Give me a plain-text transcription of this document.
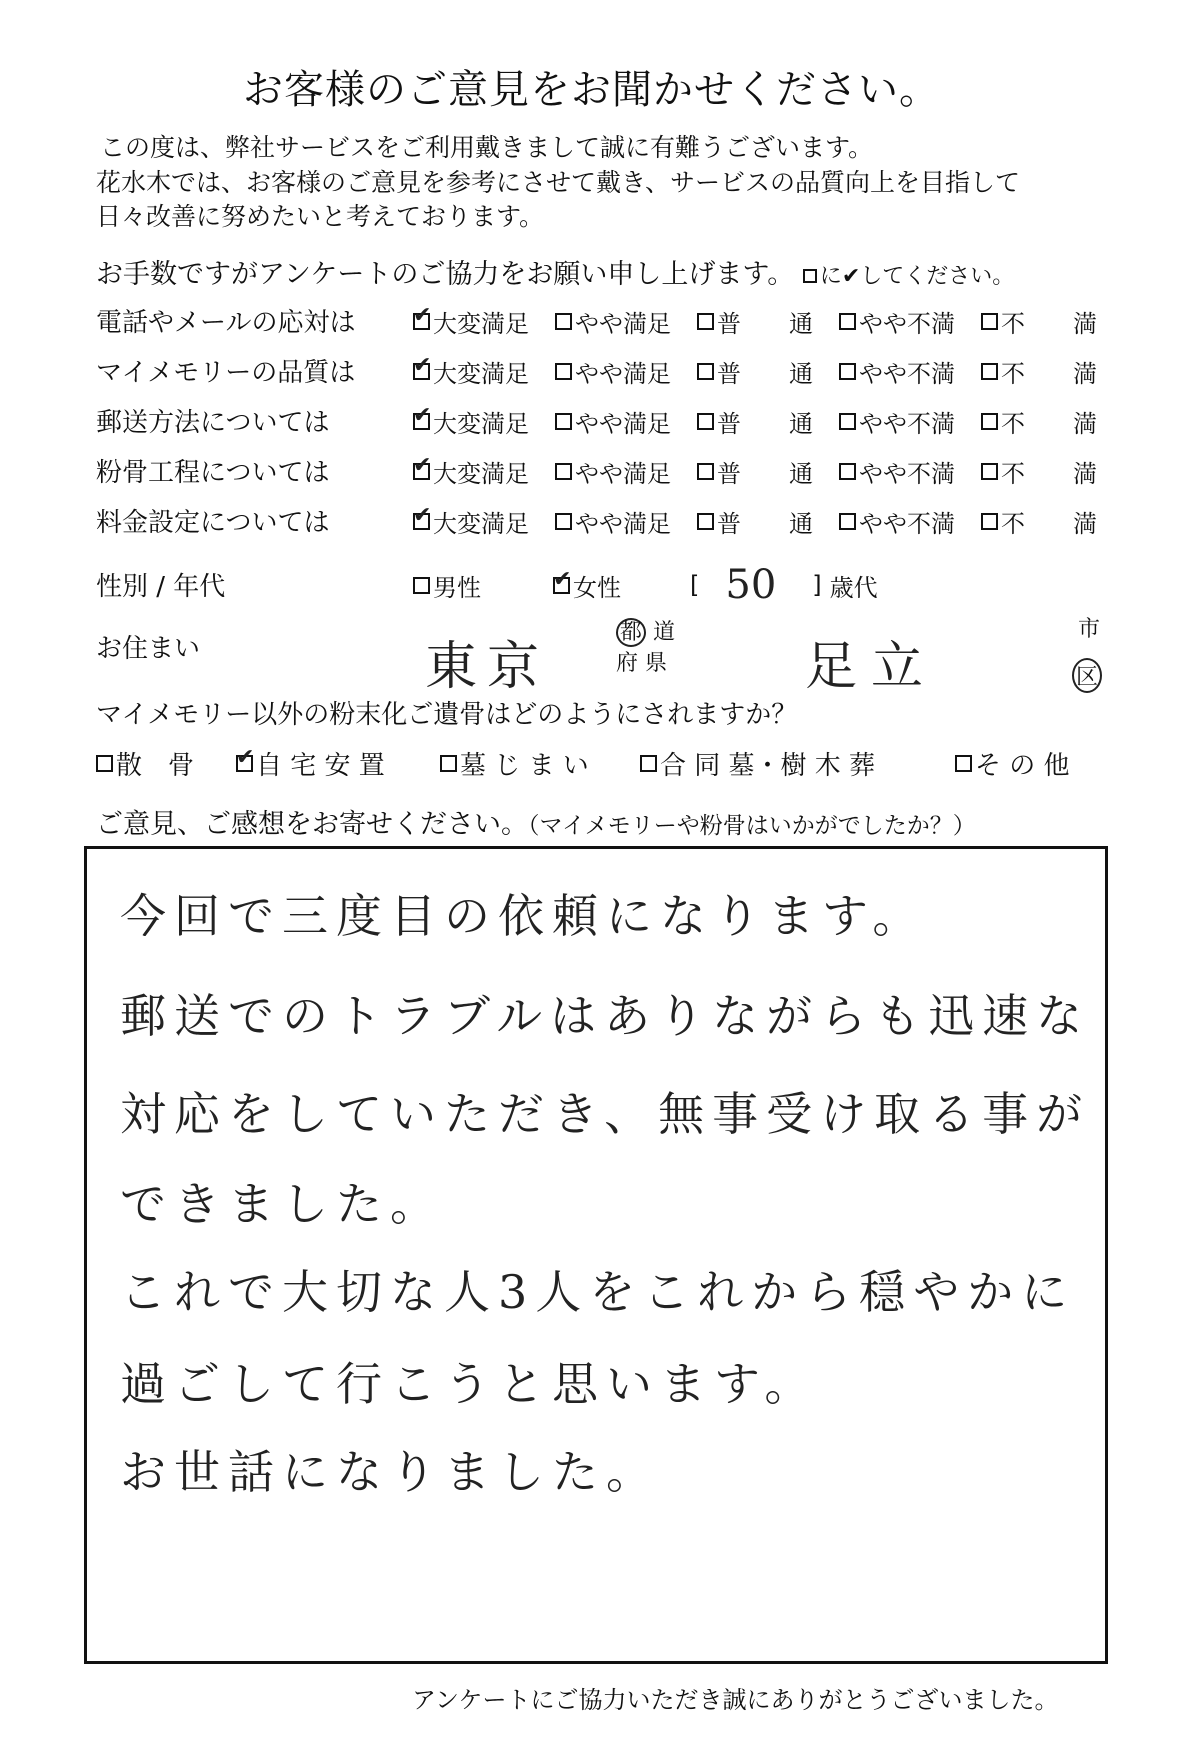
お客様のご意見をお聞かせください。
この度は、弊社サービスをご利用戴きまして誠に有難うございます。
花水木では、お客様のご意見を参考にさせて戴き、サービスの品質向上を目指して
日々改善に努めたいと考えております。
お手数ですがアンケートのご協力をお願い申し上げます。 に✔してください。
電話やメールの応対は ✔	大変満足 やや満足 普　　通 やや不満 不　　満
マイメモリーの品質は ✔	大変満足 やや満足 普　　通 やや不満 不　　満
郵送方法については ✔	大変満足 やや満足 普　　通 やや不満 不　　満
粉骨工程については ✔	大変満足 やや満足 普　　通 やや不満 不　　満
料金設定については ✔	大変満足 やや満足 普　　通 やや不満 不　　満
性別 / 年代	男性 ✔	女性	[ 50 ] 歳代
お住まい	東京
都 道
府 県	足立
市
区
マイメモリー以外の粉末化ご遺骨はどのようにされますか？
散　骨 ✔ 自 宅 安 置	墓 じ ま い	合 同 墓・樹 木 葬	そ の 他
ご意見、ご感想をお寄せください。（マイメモリーや粉骨はいかがでしたか？）
今回で三度目の依頼になります。
郵送でのトラブルはありながらも迅速な
対応をしていただき、無事受け取る事が
できました。
これで大切な人3人をこれから穏やかに
過ごして行こうと思います。
お世話になりました。
アンケートにご協力いただき誠にありがとうございました。
